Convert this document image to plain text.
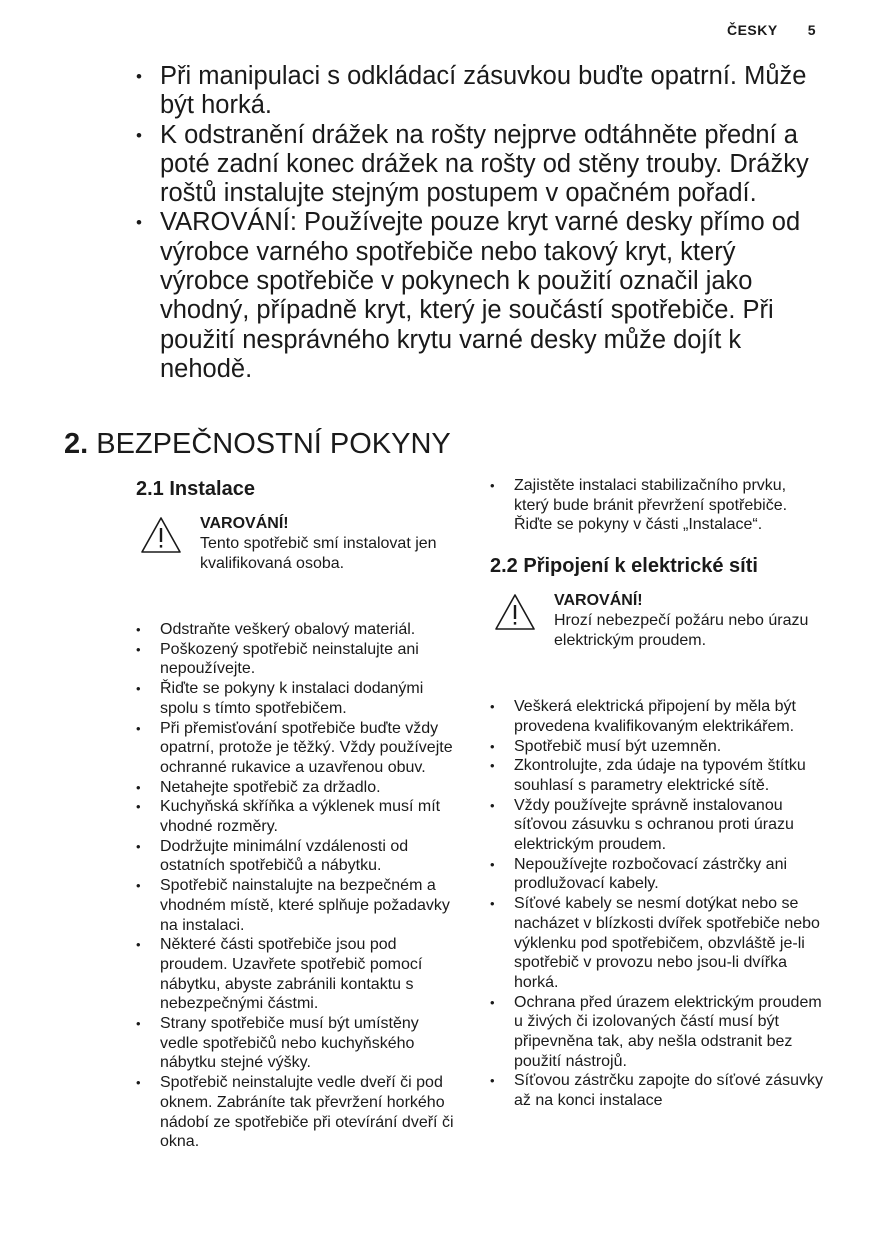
ČESKY 5
• Při manipulaci s odkládací zásuvkou buďte opatrní. Může být horká.
• K odstranění drážek na rošty nejprve odtáhněte přední a poté zadní konec drážek na rošty od stěny trouby. Drážky roštů instalujte stejným postupem v opačném pořadí.
• VAROVÁNÍ: Používejte pouze kryt varné desky přímo od výrobce varného spotřebiče nebo takový kryt, který výrobce spotřebiče v pokynech k použití označil jako vhodný, případně kryt, který je součástí spotřebiče. Při použití nesprávného krytu varné desky může dojít k nehodě.
2. BEZPEČNOSTNÍ POKYNY
2.1 Instalace
VAROVÁNÍ!
Tento spotřebič smí instalovat jen kvalifikovaná osoba.
• Odstraňte veškerý obalový materiál.
• Poškozený spotřebič neinstalujte ani nepoužívejte.
• Řiďte se pokyny k instalaci dodanými spolu s tímto spotřebičem.
• Při přemisťování spotřebiče buďte vždy opatrní, protože je těžký. Vždy používejte ochranné rukavice a uzavřenou obuv.
• Netahejte spotřebič za držadlo.
• Kuchyňská skříňka a výklenek musí mít vhodné rozměry.
• Dodržujte minimální vzdálenosti od ostatních spotřebičů a nábytku.
• Spotřebič nainstalujte na bezpečném a vhodném místě, které splňuje požadavky na instalaci.
• Některé části spotřebiče jsou pod proudem. Uzavřete spotřebič pomocí nábytku, abyste zabránili kontaktu s nebezpečnými částmi.
• Strany spotřebiče musí být umístěny vedle spotřebičů nebo kuchyňského nábytku stejné výšky.
• Spotřebič neinstalujte vedle dveří či pod oknem. Zabráníte tak převržení horkého nádobí ze spotřebiče při otevírání dveří či okna.
• Zajistěte instalaci stabilizačního prvku, který bude bránit převržení spotřebiče. Řiďte se pokyny v části „Instalace“.
2.2 Připojení k elektrické síti
VAROVÁNÍ!
Hrozí nebezpečí požáru nebo úrazu elektrickým proudem.
• Veškerá elektrická připojení by měla být provedena kvalifikovaným elektrikářem.
• Spotřebič musí být uzemněn.
• Zkontrolujte, zda údaje na typovém štítku souhlasí s parametry elektrické sítě.
• Vždy používejte správně instalovanou síťovou zásuvku s ochranou proti úrazu elektrickým proudem.
• Nepoužívejte rozbočovací zástrčky ani prodlužovací kabely.
• Síťové kabely se nesmí dotýkat nebo se nacházet v blízkosti dvířek spotřebiče nebo výklenku pod spotřebičem, obzvláště je-li spotřebič v provozu nebo jsou-li dvířka horká.
• Ochrana před úrazem elektrickým proudem u živých či izolovaných částí musí být připevněna tak, aby nešla odstranit bez použití nástrojů.
• Síťovou zástrčku zapojte do síťové zásuvky až na konci instalace
